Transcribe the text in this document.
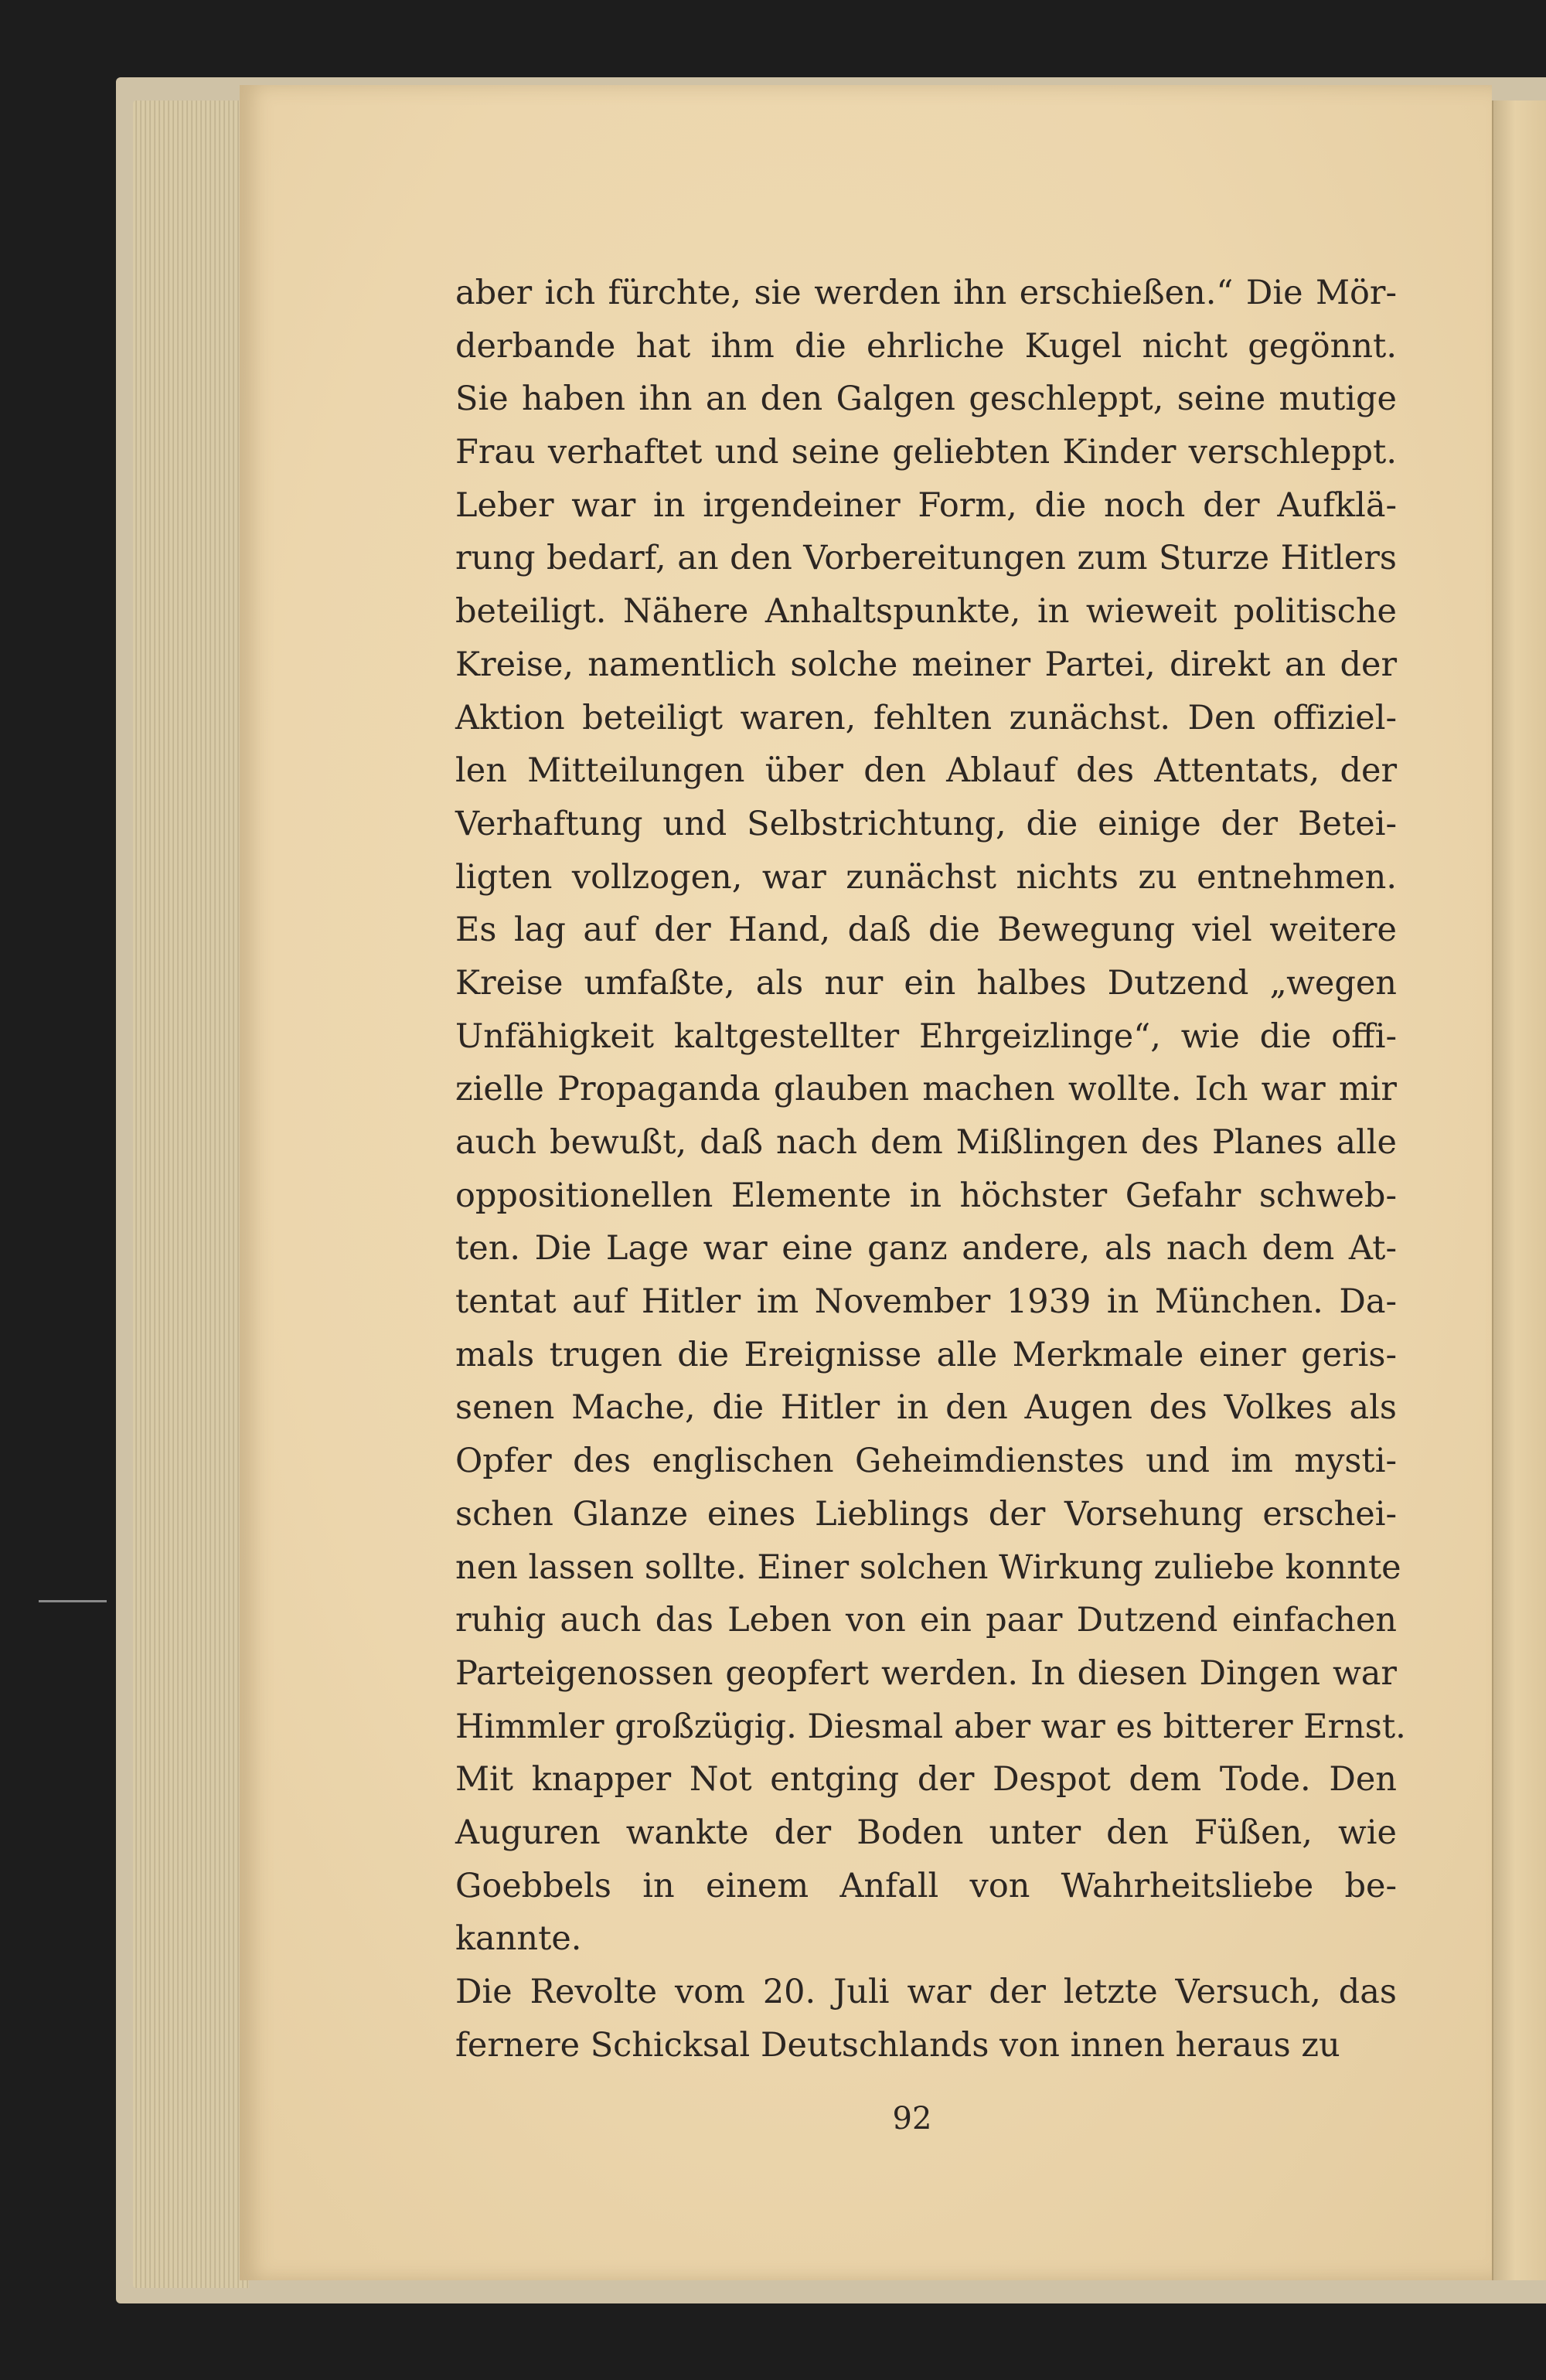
aber ich fürchte, sie werden ihn erschießen.“ Die Mör-
derbande hat ihm die ehrliche Kugel nicht gegönnt.
Sie haben ihn an den Galgen geschleppt, seine mutige
Frau verhaftet und seine geliebten Kinder verschleppt.
Leber war in irgendeiner Form, die noch der Aufklä-
rung bedarf, an den Vorbereitungen zum Sturze Hitlers
beteiligt. Nähere Anhaltspunkte, in wieweit politische
Kreise, namentlich solche meiner Partei, direkt an der
Aktion beteiligt waren, fehlten zunächst. Den offiziel-
len Mitteilungen über den Ablauf des Attentats, der
Verhaftung und Selbstrichtung, die einige der Betei-
ligten vollzogen, war zunächst nichts zu entnehmen.
Es lag auf der Hand, daß die Bewegung viel weitere
Kreise umfaßte, als nur ein halbes Dutzend „wegen
Unfähigkeit kaltgestellter Ehrgeizlinge“, wie die offi-
zielle Propaganda glauben machen wollte. Ich war mir
auch bewußt, daß nach dem Mißlingen des Planes alle
oppositionellen Elemente in höchster Gefahr schweb-
ten. Die Lage war eine ganz andere, als nach dem At-
tentat auf Hitler im November 1939 in München. Da-
mals trugen die Ereignisse alle Merkmale einer geris-
senen Mache, die Hitler in den Augen des Volkes als
Opfer des englischen Geheimdienstes und im mysti-
schen Glanze eines Lieblings der Vorsehung erschei-
nen lassen sollte. Einer solchen Wirkung zuliebe konnte
ruhig auch das Leben von ein paar Dutzend einfachen
Parteigenossen geopfert werden. In diesen Dingen war
Himmler großzügig. Diesmal aber war es bitterer Ernst.
Mit knapper Not entging der Despot dem Tode. Den
Auguren wankte der Boden unter den Füßen, wie
Goebbels in einem Anfall von Wahrheitsliebe be-
kannte.
Die Revolte vom 20. Juli war der letzte Versuch, das
fernere Schicksal Deutschlands von innen heraus zu
92
